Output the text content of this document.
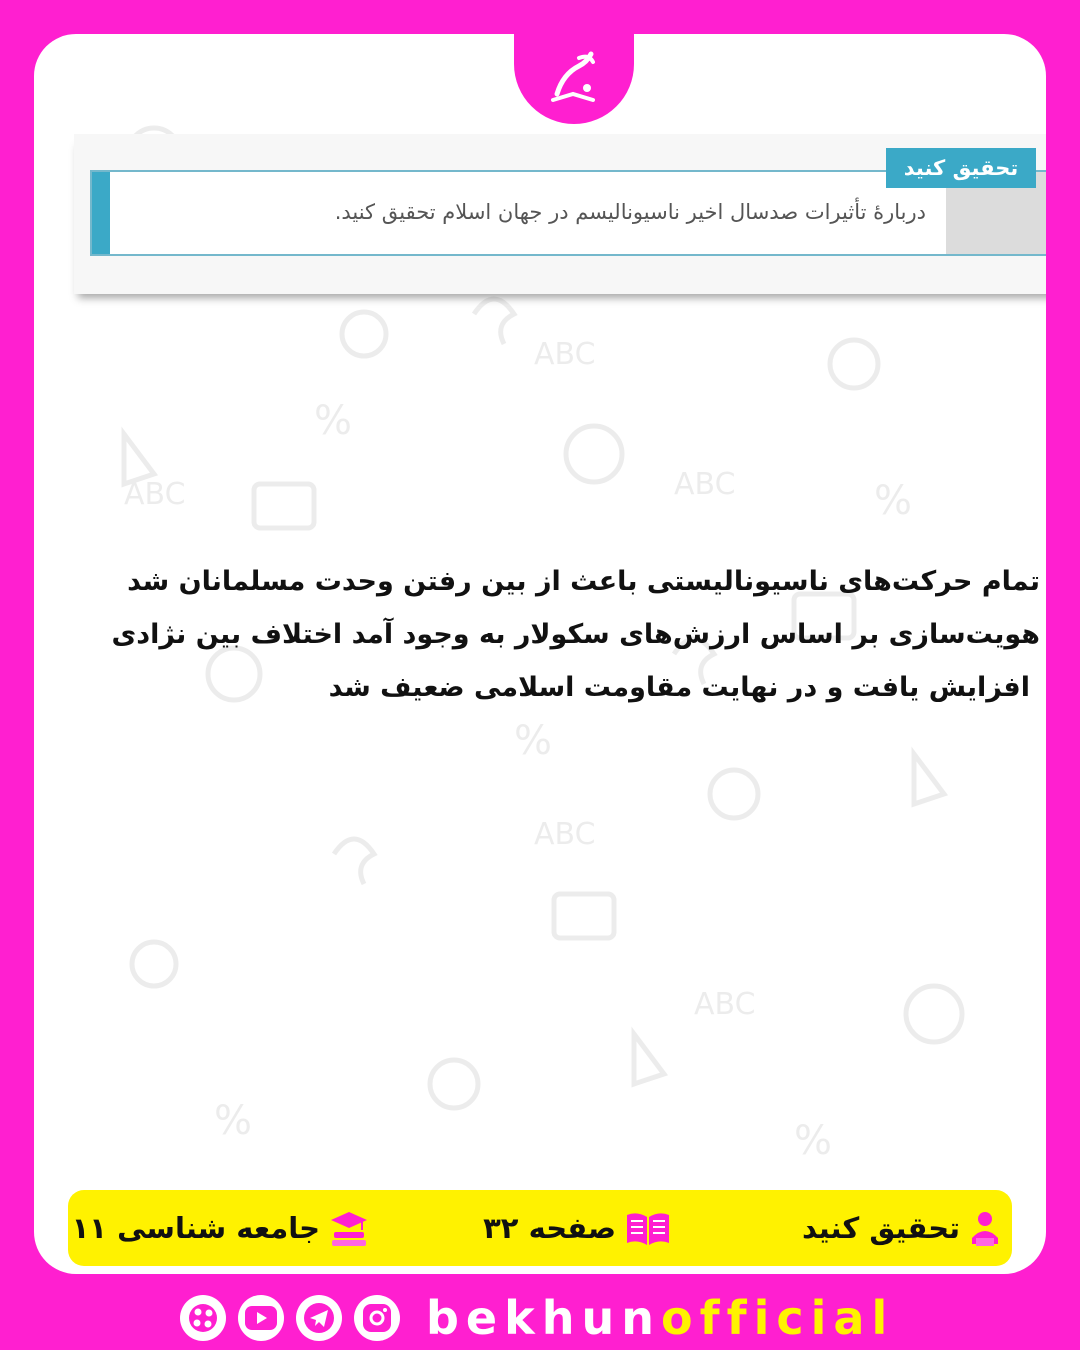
%
%
%
%	%
ABC
ABC	ABC
ABC
ABC
دربارهٔ تأثیرات صدسال اخیر ناسیونالیسم در جهان اسلام تحقیق کنید.
تحقیق کنید
تمام حرکت‌های ناسیونالیستی باعث از بین رفتن وحدت مسلمانان شد
هویت‌سازی بر اساس ارزش‌های سکولار به وجود آمد اختلاف بین نژادی
افزایش یافت و در نهایت مقاومت اسلامی ضعیف شد
تحقیق کنید
صفحه ۳۲
جامعه شناسی ۱۱
bekhunofficial
